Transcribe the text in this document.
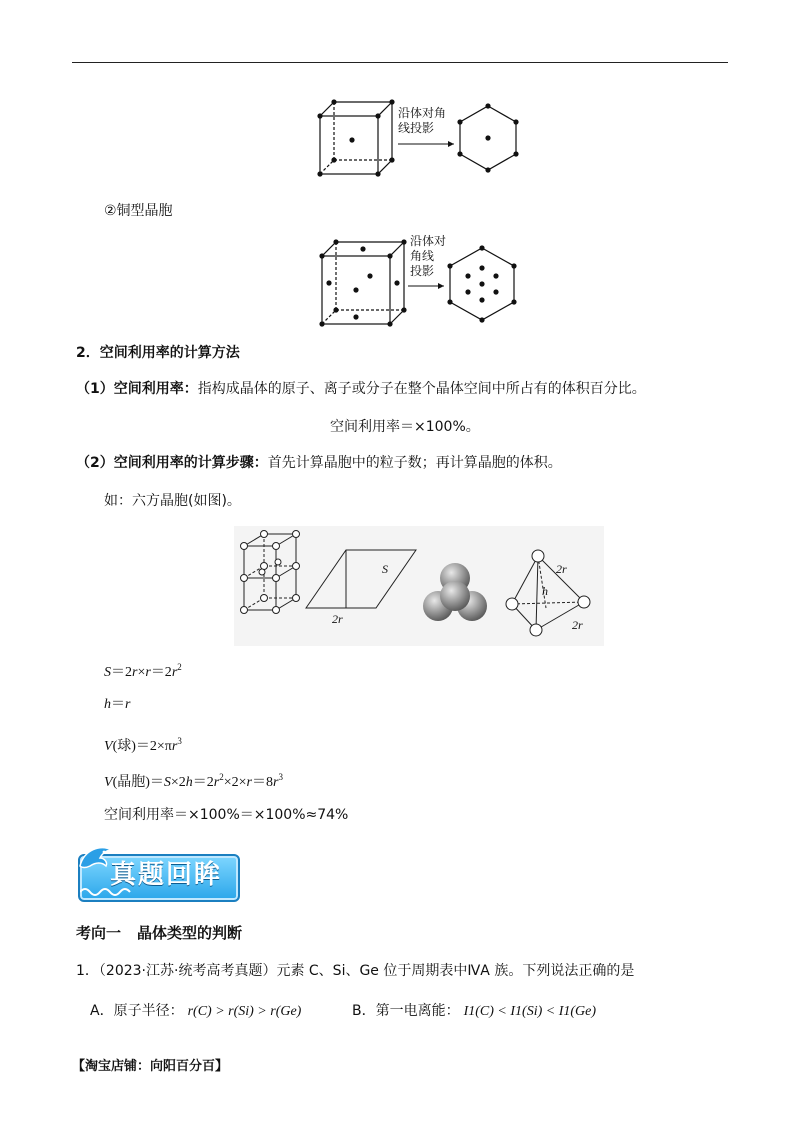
沿体对角
线投影
②铜型晶胞
沿体对
角线
投影
2．空间利用率的计算方法
（1）空间利用率：指构成晶体的原子、离子或分子在整个晶体空间中所占有的体积百分比。
空间利用率＝×100%。
（2）空间利用率的计算步骤：首先计算晶胞中的粒子数；再计算晶胞的体积。
如：六方晶胞(如图)。
S
2r
2r
h
2r
$S=2r\times r=2r^2$
h＝r
V(球)$=2\times\pi r^3$
V(晶胞)$=S\times 2h=2r^2\times 2\times r=8r^3$
空间利用率＝×100%＝×100%≈74%
真题回眸
考向一 晶体类型的判断
1．（2023·江苏·统考高考真题）元素 C、Si、Ge 位于周期表中ⅣA 族。下列说法正确的是
A．原子半径： r(C) > r(Si) > r(Ge)	B．第一电离能： I1(C) < I1(Si) < I1(Ge)
【淘宝店铺：向阳百分百】
